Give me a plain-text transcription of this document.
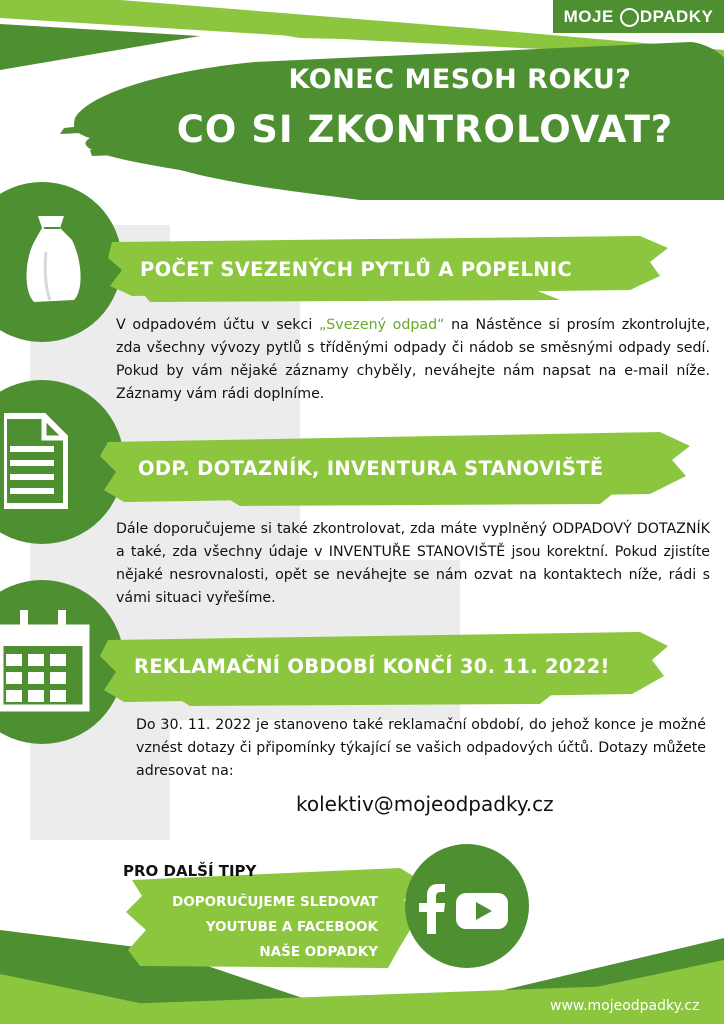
MOJE DPADKY
KONEC MESOH ROKU?
CO SI ZKONTROLOVAT?
POČET SVEZENÝCH PYTLŮ A POPELNIC
ODP. DOTAZNÍK, INVENTURA STANOVIŠTĚ
REKLAMAČNÍ OBDOBÍ KONČÍ 30. 11. 2022!
V odpadovém účtu v sekci „Svezený odpad“ na Nástěnce si prosím zkontrolujte, zda všechny vývozy pytlů s tříděnými odpady či nádob se směsnými odpady sedí. Pokud by vám nějaké záznamy chyběly, neváhejte nám napsat na e-mail níže. Záznamy vám rádi doplníme.
Dále doporučujeme si také zkontrolovat, zda máte vyplněný ODPADOVÝ DOTAZNÍK a také, zda všechny údaje v INVENTUŘE STANOVIŠTĚ jsou korektní. Pokud zjistíte nějaké nesrovnalosti, opět se neváhejte se nám ozvat na kontaktech níže, rádi s vámi situaci vyřešíme.
Do 30. 11. 2022 je stanoveno také reklamační období, do jehož konce je možné vznést dotazy či připomínky týkající se vašich odpadových účtů. Dotazy můžete adresovat na:
kolektiv@mojeodpadky.cz
PRO DALŠÍ TIPY
DOPORUČUJEME SLEDOVAT
YOUTUBE A FACEBOOK
NAŠE ODPADKY
www.mojeodpadky.cz
